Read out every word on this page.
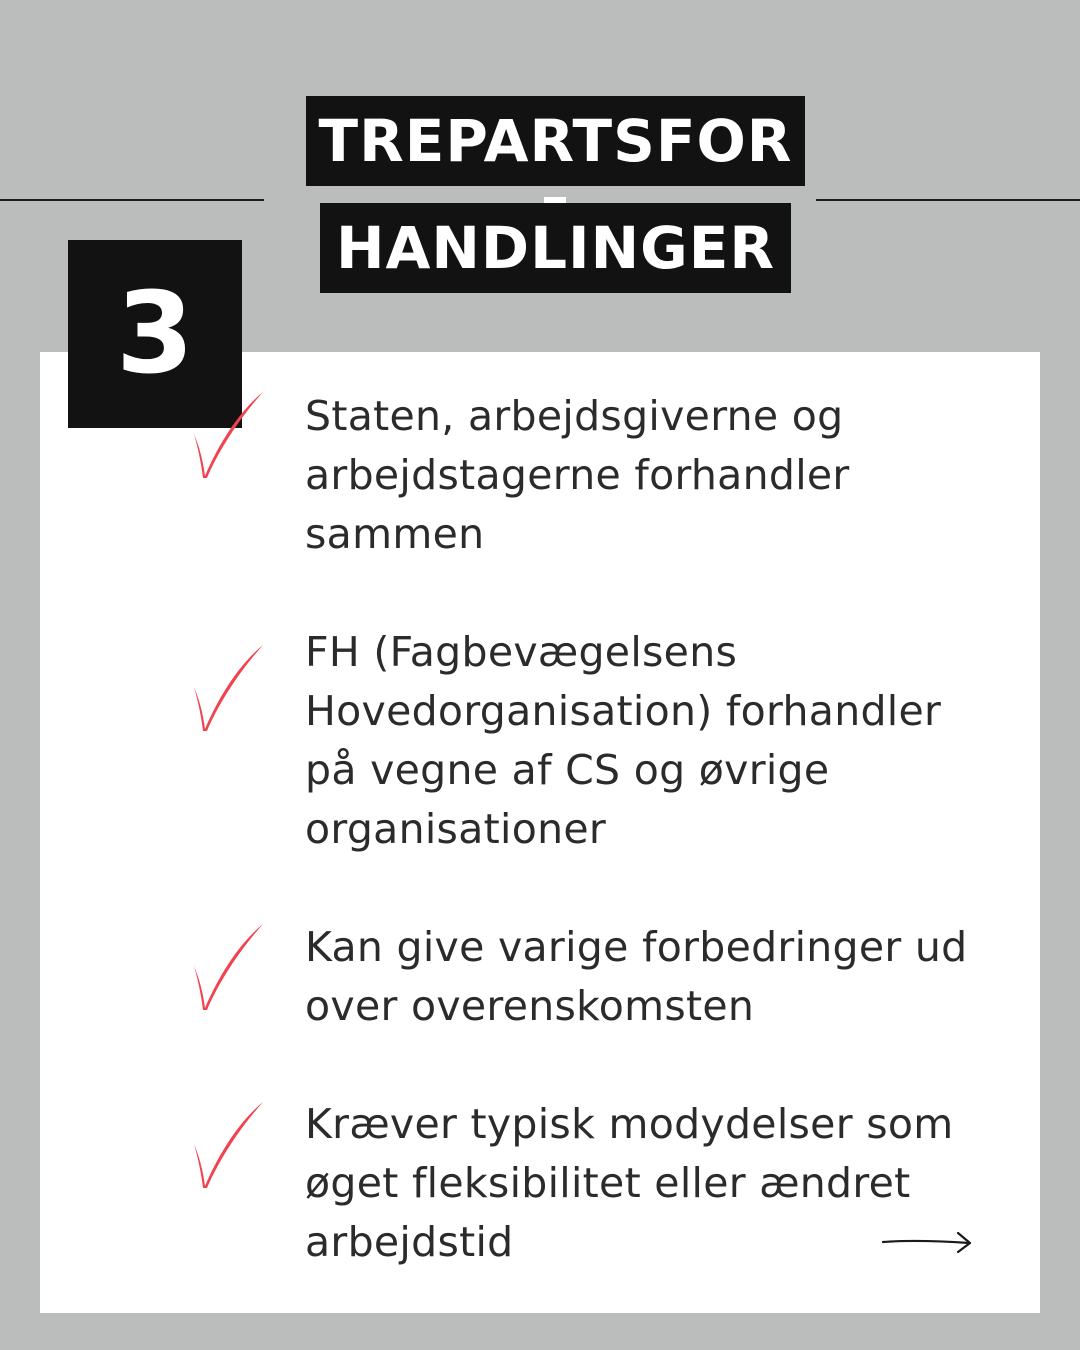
TREPARTSFOR
HANDLINGER
3

Staten, arbejdsgiverne og
arbejdstagerne forhandler
sammen

FH (Fagbevægelsens
Hovedorganisation) forhandler
på vegne af CS og øvrige
organisationer

Kan give varige forbedringer ud
over overenskomsten

Kræver typisk modydelser som
øget fleksibilitet eller ændret
arbejdstid
